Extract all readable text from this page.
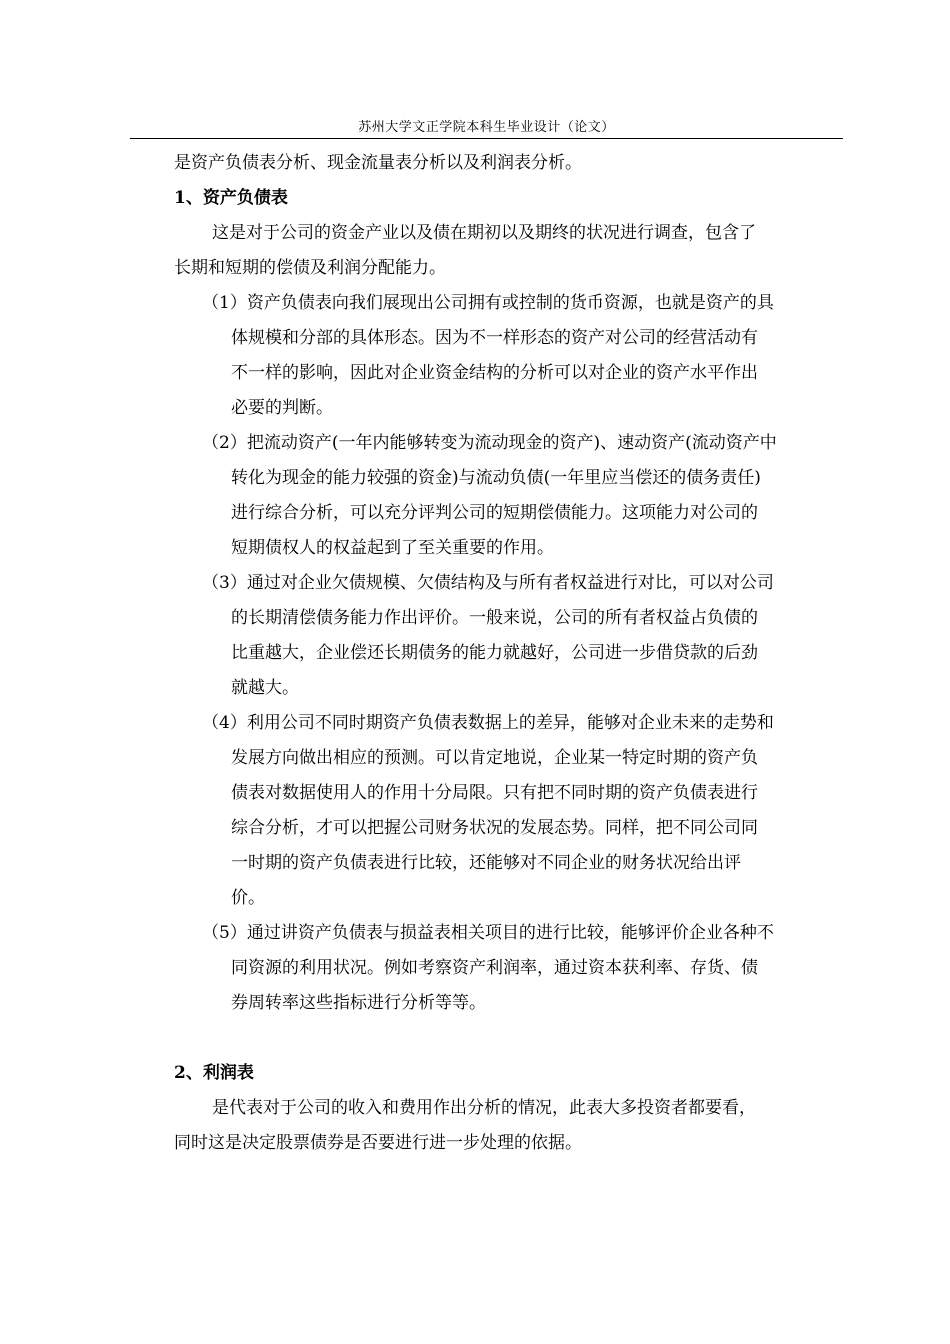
苏州大学文正学院本科生毕业设计（论文）
是资产负债表分析、现金流量表分析以及利润表分析。
1、资产负债表
这是对于公司的资金产业以及债在期初以及期终的状况进行调查，包含了
长期和短期的偿债及利润分配能力。
（1）资产负债表向我们展现出公司拥有或控制的货币资源，也就是资产的具
体规模和分部的具体形态。因为不一样形态的资产对公司的经营活动有
不一样的影响，因此对企业资金结构的分析可以对企业的资产水平作出
必要的判断。
（2）把流动资产(一年内能够转变为流动现金的资产)、速动资产(流动资产中
转化为现金的能力较强的资金)与流动负债(一年里应当偿还的债务责任)
进行综合分析，可以充分评判公司的短期偿债能力。这项能力对公司的
短期债权人的权益起到了至关重要的作用。
（3）通过对企业欠债规模、欠债结构及与所有者权益进行对比，可以对公司
的长期清偿债务能力作出评价。一般来说，公司的所有者权益占负债的
比重越大，企业偿还长期债务的能力就越好，公司进一步借贷款的后劲
就越大。
（4）利用公司不同时期资产负债表数据上的差异，能够对企业未来的走势和
发展方向做出相应的预测。可以肯定地说，企业某一特定时期的资产负
债表对数据使用人的作用十分局限。只有把不同时期的资产负债表进行
综合分析，才可以把握公司财务状况的发展态势。同样，把不同公司同
一时期的资产负债表进行比较，还能够对不同企业的财务状况给出评
价。
（5）通过讲资产负债表与损益表相关项目的进行比较，能够评价企业各种不
同资源的利用状况。例如考察资产利润率，通过资本获利率、存货、债
券周转率这些指标进行分析等等。
2、利润表
是代表对于公司的收入和费用作出分析的情况，此表大多投资者都要看，
同时这是决定股票债券是否要进行进一步处理的依据。
